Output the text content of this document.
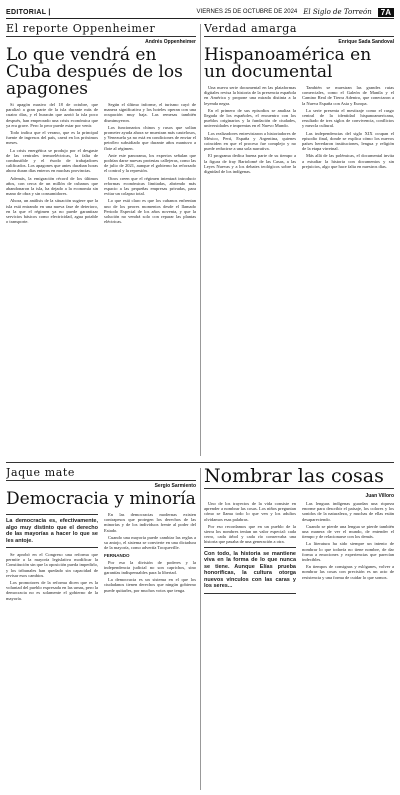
EDITORIAL |	VIERNES 25 DE OCTUBRE DE 2024 El Siglo de Torreón	7A
El reporte Oppenheimer
Andrés Oppenheimer
Lo que vendrá en Cuba después de los apagones

Si apagón masivo del 18 de octubre, que paralizó a gran parte de la isla durante más de cuatro días, y el huracán que azotó la isla poco después, han empeorado una crisis económica que ya era grave. Pero lo peor puede estar por venir.

Todo indica que el verano, que es la principal fuente de ingresos del país, caerá en los próximos meses.

La crisis energética se produjo por el desgaste de las centrales termoeléctricas, la falta de combustible y el éxodo de trabajadores calificados. Los apagones que antes duraban horas ahora duran días enteros en muchas provincias.

Además, la emigración récord de los últimos años, con cerca de un millón de cubanos que abandonaron la isla, ha dejado a la economía sin mano de obra y sin consumidores.

Ahora, un análisis de la situación sugiere que la isla está entrando en una nueva fase de deterioro, en la que el régimen ya no puede garantizar servicios básicos como electricidad, agua potable o transporte.

Según el último informe, el turismo cayó de manera significativa y los hoteles operan con una ocupación muy baja. Las remesas también disminuyeron.

Los funcionarios chinos y rusos que solían prometer ayuda ahora se muestran más cautelosos, y Venezuela ya no está en condiciones de enviar el petróleo subsidiado que durante años mantuvo a flote al régimen.

Ante este panorama, los expertos señalan que podrían darse nuevas protestas callejeras, como las de julio de 2021, aunque el gobierno ha reforzado el control y la represión.

Otros creen que el régimen intentará introducir reformas económicas limitadas, abriendo más espacio a las pequeñas empresas privadas, para evitar un colapso total.

Lo que está claro es que los cubanos enfrentan uno de los peores momentos desde el llamado Periodo Especial de los años noventa, y que la solución no vendrá solo con reparar las plantas eléctricas.

Verdad amarga
Enrique Sada Sandoval
Hispanoamérica en un documental

Una nueva serie documental en las plataformas digitales revisa la historia de la presencia española en América y propone una mirada distinta a la leyenda negra.

En el primero de sus episodios se analiza la llegada de los españoles, el encuentro con los pueblos originarios y la fundación de ciudades, universidades e imprentas en el Nuevo Mundo.

Los realizadores entrevistaron a historiadores de México, Perú, España y Argentina, quienes coinciden en que el proceso fue complejo y no puede reducirse a una sola narrativa.

El programa dedica buena parte de su tiempo a la figura de fray Bartolomé de las Casas, a las Leyes Nuevas y a los debates teológicos sobre la dignidad de los indígenas.

También se muestran las grandes rutas comerciales, como el Galeón de Manila y el Camino Real de Tierra Adentro, que conectaron a la Nueva España con Asia y Europa.

La serie presenta el mestizaje como el rasgo central de la identidad hispanoamericana, resultado de tres siglos de convivencia, conflictos y mezcla cultural.

Las independencias del siglo XIX ocupan el episodio final, donde se explica cómo los nuevos países heredaron instituciones, lengua y religión de la etapa virreinal.

Más allá de las polémicas, el documental invita a estudiar la historia con documentos y sin prejuicios, algo que hace falta en nuestros días.

Jaque mate
Sergio Sarmiento
Democracia y minoría
La democracia es, efectivamente, algo muy distinto que el derecho de las mayorías a hacer lo que se les antoje.

Se aprobó en el Congreso una reforma que permite a la mayoría legislativa modificar la Constitución sin que la oposición pueda impedirlo, y los tribunales han quedado sin capacidad de revisar esos cambios.

Los promotores de la reforma dicen que es la voluntad del pueblo expresada en las urnas, pero la democracia no es solamente el gobierno de la mayoría.

En las democracias modernas existen contrapesos que protegen los derechos de las minorías y de los individuos frente al poder del Estado.

Cuando una mayoría puede cambiar las reglas a su antojo, el sistema se convierte en una dictadura de la mayoría, como advertía Tocqueville.

FERNANDO

Por eso la división de poderes y la independencia judicial no son caprichos, sino garantías indispensables para la libertad.

La democracia es un sistema en el que los ciudadanos tienen derechos que ningún gobierno puede quitarles, por muchos votos que tenga.

Nombrar las cosas
Juan Villoro

Uno de los trayectos de la vida consiste en aprender a nombrar las cosas. Los niños preguntan cómo se llama todo lo que ven y los adultos olvidamos esas palabras.

Por eso recordamos que en un pueblo de la sierra los nombres tenían un valor especial: cada cerro, cada árbol y cada río conservaba una historia que pasaba de una generación a otra.

Con todo, la historia se mantiene viva en la forma de lo que nunca se tiene. Aunque Elías prueba honoríficas, la cultura otorga nuevos vínculos con las caras y los seres...

Las lenguas indígenas guardan una riqueza enorme para describir el paisaje, los colores y los sonidos de la naturaleza, y muchas de ellas están desapareciendo.

Cuando se pierde una lengua se pierde también una manera de ver el mundo, de entender el tiempo y de relacionarse con los demás.

La literatura ha sido siempre un intento de nombrar lo que todavía no tiene nombre, de dar forma a emociones y experiencias que parecían indecibles.

En tiempos de consignas y eslóganes, volver a nombrar las cosas con precisión es un acto de resistencia y una forma de cuidar lo que somos.
